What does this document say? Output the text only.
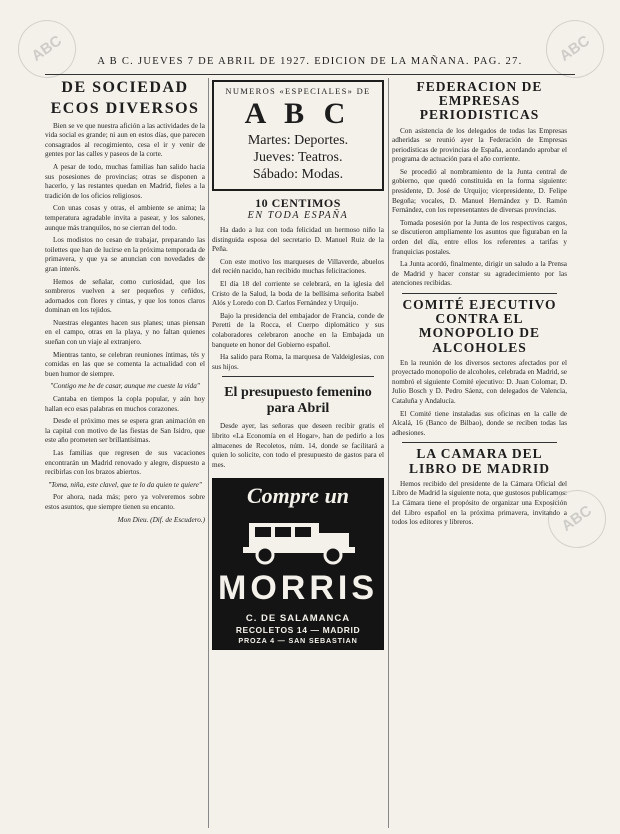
ABC	ABC
ABC
A B C. JUEVES 7 DE ABRIL DE 1927. EDICION DE LA MAÑANA. PAG. 27.
DE SOCIEDAD
ECOS DIVERSOS

Bien se ve que nuestra afición a las actividades de la vida social es grande; ni aun en estos días, que parecen consagrados al recogimiento, cesa el ir y venir de gentes por las calles y paseos de la corte.

A pesar de todo, muchas familias han salido hacia sus posesiones de provincias; otras se disponen a hacerlo, y las restantes quedan en Madrid, fieles a la tradición de los oficios religiosos.

Con unas cosas y otras, el ambiente se anima; la temperatura agradable invita a pasear, y los salones, aunque más tranquilos, no se cierran del todo.

Los modistos no cesan de trabajar, preparando las toilettes que han de lucirse en la próxima temporada de primavera, y que ya se anuncian con novedades de gran interés.

Hemos de señalar, como curiosidad, que los sombreros vuelven a ser pequeños y ceñidos, adornados con flores y cintas, y que los tonos claros dominan en los tejidos.

Nuestras elegantes hacen sus planes; unas piensan en el campo, otras en la playa, y no faltan quienes sueñan con un viaje al extranjero.

Mientras tanto, se celebran reuniones íntimas, tés y comidas en las que se comenta la actualidad con el buen humor de siempre.

"Contigo me he de casar, aunque me cueste la vida"

Cantaba en tiempos la copla popular, y aún hoy hallan eco esas palabras en muchos corazones.

Desde el próximo mes se espera gran animación en la capital con motivo de las fiestas de San Isidro, que este año prometen ser brillantísimas.

Las familias que regresen de sus vacaciones encontrarán un Madrid renovado y alegre, dispuesto a recibirlas con los brazos abiertos.

"Toma, niña, este clavel, que te lo da quien te quiere"

Por ahora, nada más; pero ya volveremos sobre estos asuntos, que siempre tienen su encanto.

Mon Dieu. (Dif. de Escudero.)

NUMEROS «ESPECIALES» DE
A B C
Martes: Deportes.
Jueves: Teatros.
Sábado: Modas.
10 CENTIMOS
EN TODA ESPAÑA

Ha dado a luz con toda felicidad un hermoso niño la distinguida esposa del secretario D. Manuel Ruiz de la Peña.

Con este motivo los marqueses de Villaverde, abuelos del recién nacido, han recibido muchas felicitaciones.

El día 18 del corriente se celebrará, en la iglesia del Cristo de la Salud, la boda de la bellísima señorita Isabel Alós y Loredo con D. Carlos Fernández y Urquijo.

Bajo la presidencia del embajador de Francia, conde de Peretti de la Rocca, el Cuerpo diplomático y sus colaboradores celebraron anoche en la Embajada un banquete en honor del Gobierno español.

Ha salido para Roma, la marquesa de Valdeiglesias, con sus hijos.

El presupuesto femenino para Abril

Desde ayer, las señoras que deseen recibir gratis el librito «La Economía en el Hogar», han de pedirlo a los almacenes de Recoletos, núm. 14, donde se facilitará a quien lo solicite, con todo el presupuesto de gastos para el mes.

Compre un
MORRIS
C. DE SALAMANCA
RECOLETOS 14 — MADRID
PROZA 4 — SAN SEBASTIAN
FEDERACION DE EMPRESAS PERIODISTICAS

Con asistencia de los delegados de todas las Empresas adheridas se reunió ayer la Federación de Empresas periodísticas de provincias de España, acordando aprobar el programa de actuación para el año corriente.

Se procedió al nombramiento de la Junta central de gobierno, que quedó constituida en la forma siguiente: presidente, D. José de Urquijo; vicepresidente, D. Felipe Begoña; vocales, D. Manuel Hernández y D. Ramón Fernández, con los representantes de diversas provincias.

Tomada posesión por la Junta de los respectivos cargos, se discutieron ampliamente los asuntos que figuraban en la orden del día, entre ellos los referentes a tarifas y franquicias postales.

La Junta acordó, finalmente, dirigir un saludo a la Prensa de Madrid y hacer constar su agradecimiento por las atenciones recibidas.

COMITÉ EJECUTIVO CONTRA EL MONOPOLIO DE ALCOHOLES

En la reunión de los diversos sectores afectados por el proyectado monopolio de alcoholes, celebrada en Madrid, se nombró el siguiente Comité ejecutivo: D. Juan Colomar, D. Julio Bosch y D. Pedro Sáenz, con delegados de Valencia, Cataluña y Andalucía.

El Comité tiene instaladas sus oficinas en la calle de Alcalá, 16 (Banco de Bilbao), donde se reciben todas las adhesiones.

LA CAMARA DEL LIBRO DE MADRID

Hemos recibido del presidente de la Cámara Oficial del Libro de Madrid la siguiente nota, que gustosos publicamos: La Cámara tiene el propósito de organizar una Exposición del Libro español en la próxima primavera, invitando a todos los editores y libreros.
